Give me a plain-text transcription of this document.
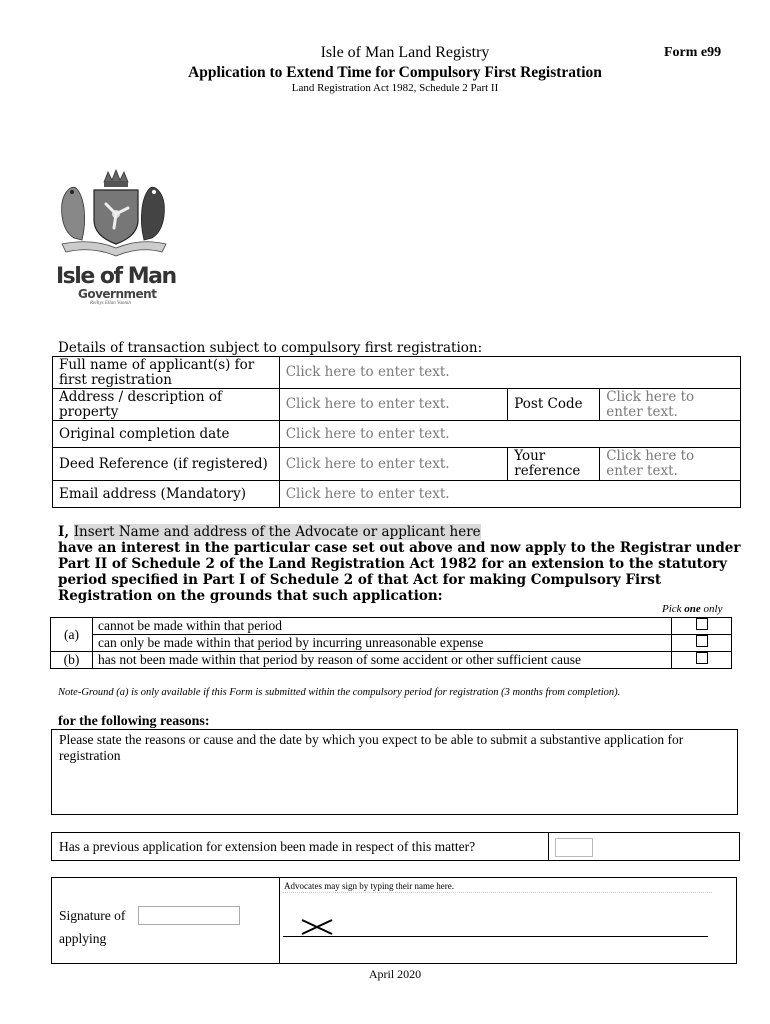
Isle of Man Land Registry	Form e99
Application to Extend Time for Compulsory First Registration
Land Registration Act 1982, Schedule 2 Part II
Isle of Man
Government
Reiltys Ellan Vannin
Details of transaction subject to compulsory first registration:
Full name of applicant(s) for first registration	Click here to enter text.		
Address / description of property	Click here to enter text.	Post Code	Click here to enter text.
Original completion date	Click here to enter text.		
Deed Reference (if registered)	Click here to enter text.	Your reference	Click here to enter text.
Email address (Mandatory)	Click here to enter text.		
I, Insert Name and address of the Advocate or applicant here
have an interest in the particular case set out above and now apply to the Registrar under Part II of Schedule 2 of the Land Registration Act 1982 for an extension to the statutory period specified in Part I of Schedule 2 of that Act for making Compulsory First Registration on the grounds that such application:
Pick one only
(a)	cannot be made within that period	
	can only be made within that period by incurring unreasonable expense	
(b)	has not been made within that period by reason of some accident or other sufficient cause	
Note-Ground (a) is only available if this Form is submitted within the compulsory period for registration (3 months from completion).
for the following reasons:
Please state the reasons or cause and the date by which you expect to be able to submit a substantive application for registration
Has a previous application for extension been made in respect of this matter?
Signature of
applying
Advocates may sign by typing their name here.
April 2020
